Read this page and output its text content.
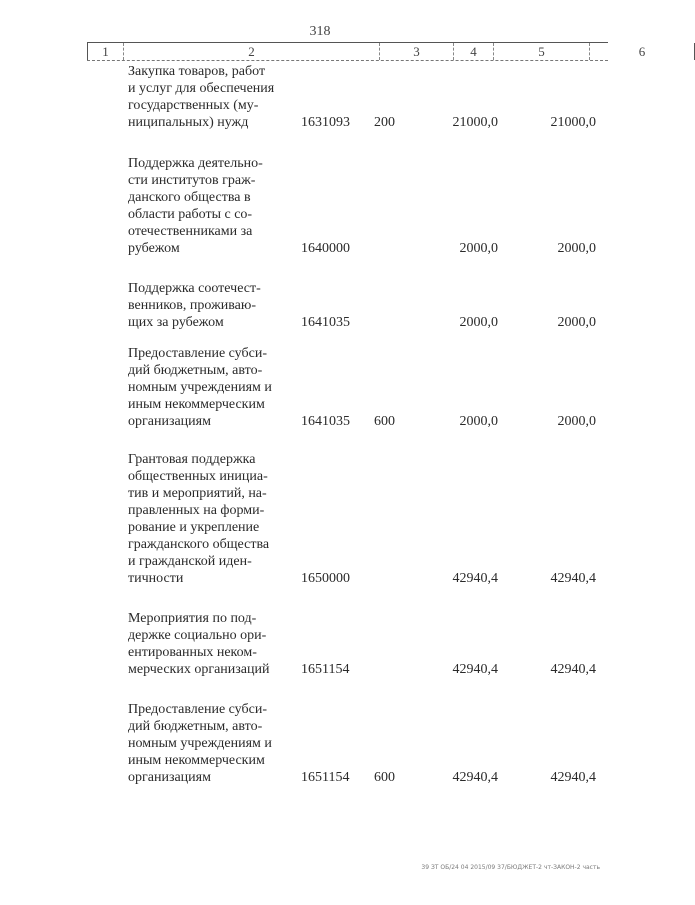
318
1	2	3	4	5	6
Закупка товаров, работ
и услуг для обеспечения
государственных (му-
ниципальных) нужд	1631093 200	21000,0	21000,0
Поддержка деятельно-
сти институтов граж-
данского общества в
области работы с со-
отечественниками за
рубежом	1640000	2000,0	2000,0
Поддержка соотечест-
венников, проживаю-
щих за рубежом	1641035	2000,0	2000,0
Предоставление субси-
дий бюджетным, авто-
номным учреждениям и
иным некоммерческим
организациям	1641035 600	2000,0	2000,0
Грантовая поддержка
общественных инициа-
тив и мероприятий, на-
правленных на форми-
рование и укрепление
гражданского общества
и гражданской иден-
тичности	1650000	42940,4	42940,4
Мероприятия по под-
держке социально ори-
ентированных неком-
мерческих организаций	1651154	42940,4	42940,4
Предоставление субси-
дий бюджетным, авто-
номным учреждениям и
иным некоммерческим
организациям	1651154 600	42940,4	42940,4
39 ЗТ ОБ/24 04 2015/09 37/БЮДЖЕТ-2 чт-ЗАКОН-2 часть
